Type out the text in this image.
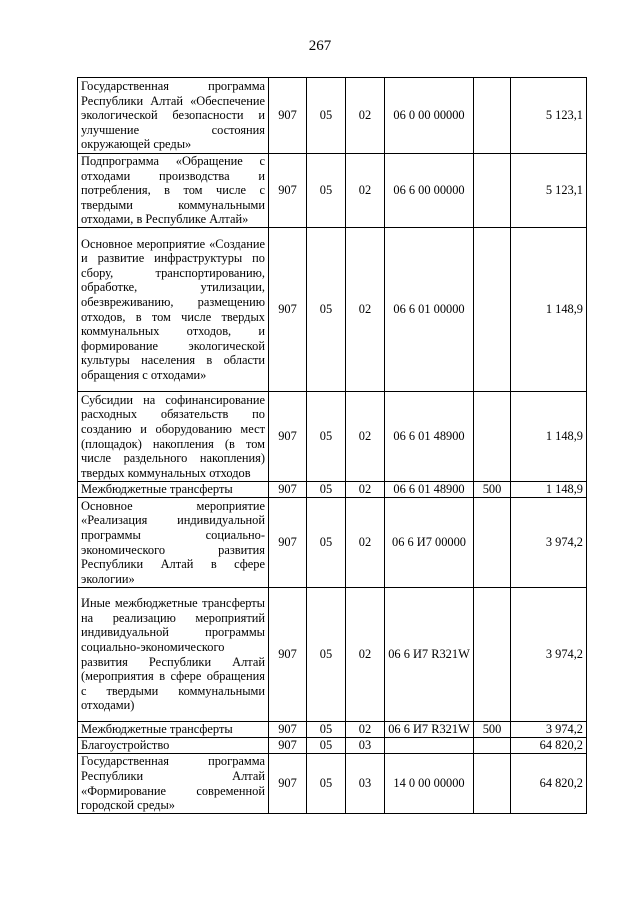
267
Государственная программа Республики Алтай «Обеспечение экологической безопасности и улучшение состояния окружающей среды»	907	05	02	06 0 00 00000		5 123,1
Подпрограмма «Обращение с отходами производства и потребления, в том числе с твердыми коммунальными отходами, в Республике Алтай»	907	05	02	06 6 00 00000		5 123,1
Основное мероприятие «Создание и развитие инфраструктуры по сбору, транспортированию, обработке, утилизации, обезвреживанию, размещению отходов, в том числе твердых коммунальных отходов, и формирование экологической культуры населения в области обращения с отходами»	907	05	02	06 6 01 00000		1 148,9
Субсидии на софинансирование расходных обязательств по созданию и оборудованию мест (площадок) накопления (в том числе раздельного накопления) твердых коммунальных отходов	907	05	02	06 6 01 48900		1 148,9
Межбюджетные трансферты	907	05	02	06 6 01 48900	500	1 148,9
Основное мероприятие «Реализация индивидуальной программы социально-экономического развития Республики Алтай в сфере экологии»	907	05	02	06 6 И7 00000		3 974,2
Иные межбюджетные трансферты на реализацию мероприятий индивидуальной программы социально-экономического развития Республики Алтай (мероприятия в сфере обращения с твердыми коммунальными отходами)	907	05	02	06 6 И7 R321W		3 974,2
Межбюджетные трансферты	907	05	02	06 6 И7 R321W	500	3 974,2
Благоустройство	907	05	03			64 820,2
Государственная программа Республики Алтай «Формирование современной городской среды»	907	05	03	14 0 00 00000		64 820,2
